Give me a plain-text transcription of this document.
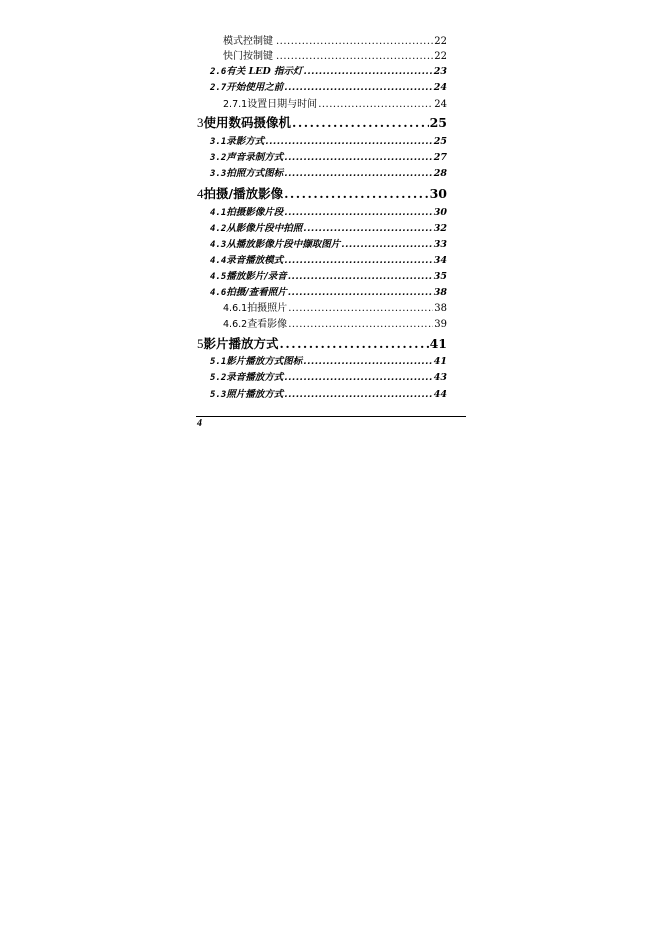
模式控制键 .....	22
快门按制键 .....	22
2.6 有关 LED 指示灯 .....	23
2.7 开始使用之前 .....	24
2.7.1 设置日期与时间 .....	24
3 使用数码摄像机 .....	25
3.1 录影方式 .....	25
3.2 声音录制方式 .....	27
3.3 拍照方式图标 .....	28
4 拍摄/播放影像 .....	30
4.1 拍摄影像片段 .....	30
4.2 从影像片段中拍照 .....	32
4.3 从播放影像片段中撷取图片 .....	33
4.4 录音播放模式 .....	34
4.5 播放影片/录音 .....	35
4.6 拍摄/查看照片 .....	38
4.6.1 拍摄照片 .....	38
4.6.2 查看影像 .....	39
5 影片播放方式 .....	41
5.1 影片播放方式图标 .....	41
5.2 录音播放方式 .....	43
5.3 照片播放方式 .....	44
4
